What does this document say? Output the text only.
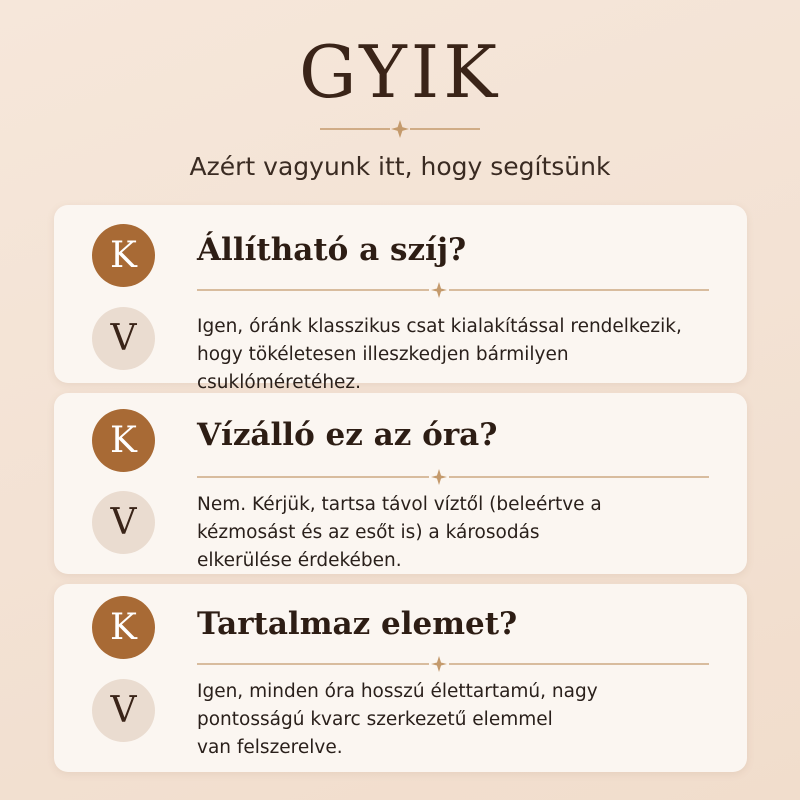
GYIK
Azért vagyunk itt, hogy segítsünk
K	Állítható a szíj?
V	Igen, óránk klasszikus csat kialakítással rendelkezik,
hogy tökéletesen illeszkedjen bármilyen csuklóméretéhez.
K	Vízálló ez az óra?
V	Nem. Kérjük, tartsa távol víztől (beleértve a
kézmosást és az esőt is) a károsodás
elkerülése érdekében.
K	Tartalmaz elemet?
V	Igen, minden óra hosszú élettartamú, nagy
pontosságú kvarc szerkezetű elemmel
van felszerelve.
